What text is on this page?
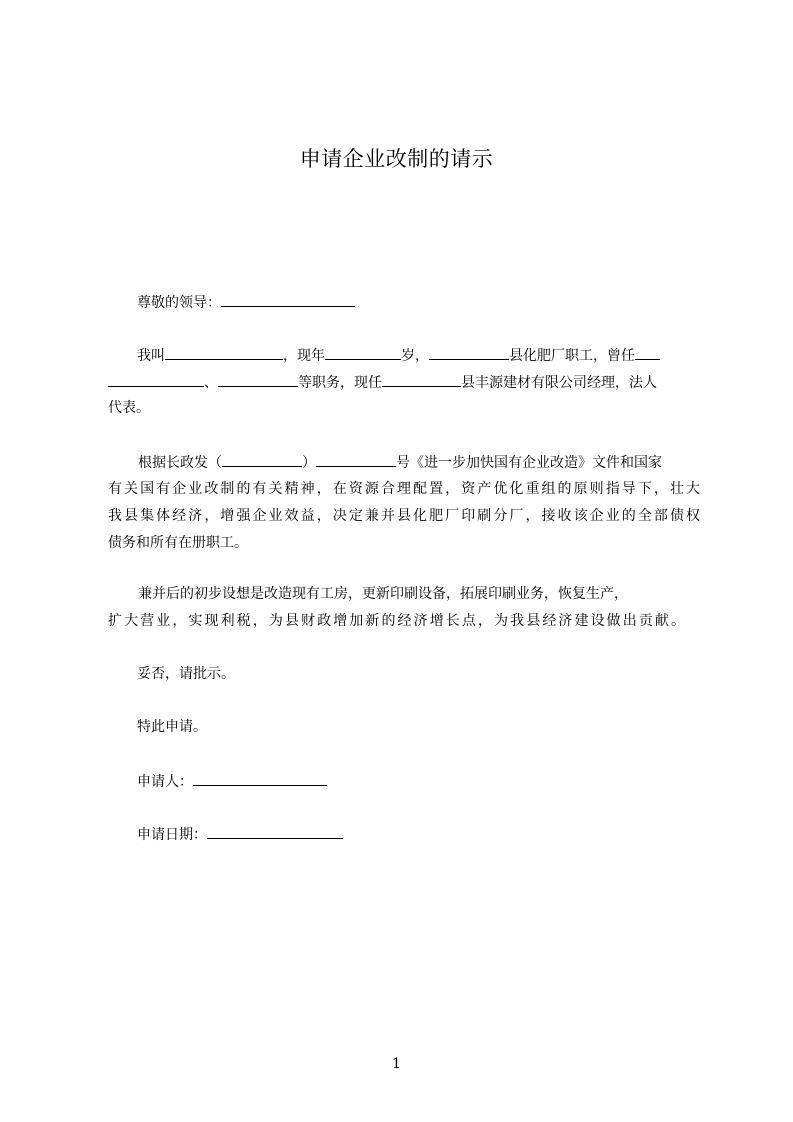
申请企业改制的请示
尊敬的领导：
我叫	，现年	岁，	县化肥厂职工，曾任
、	等职务，现任	县丰源建材有限公司经理，法人
代表。
根据长政发（	）	号《进一步加快国有企业改造》文件和国家
有关国有企业改制的有关精神，在资源合理配置，资产优化重组的原则指导下，壮大
我县集体经济，增强企业效益，决定兼并县化肥厂印刷分厂，接收该企业的全部债权
债务和所有在册职工。
兼并后的初步设想是改造现有工房，更新印刷设备，拓展印刷业务，恢复生产，
扩大营业，实现利税，为县财政增加新的经济增长点，为我县经济建设做出贡献。
妥否，请批示。
特此申请。
申请人：
申请日期：
1
